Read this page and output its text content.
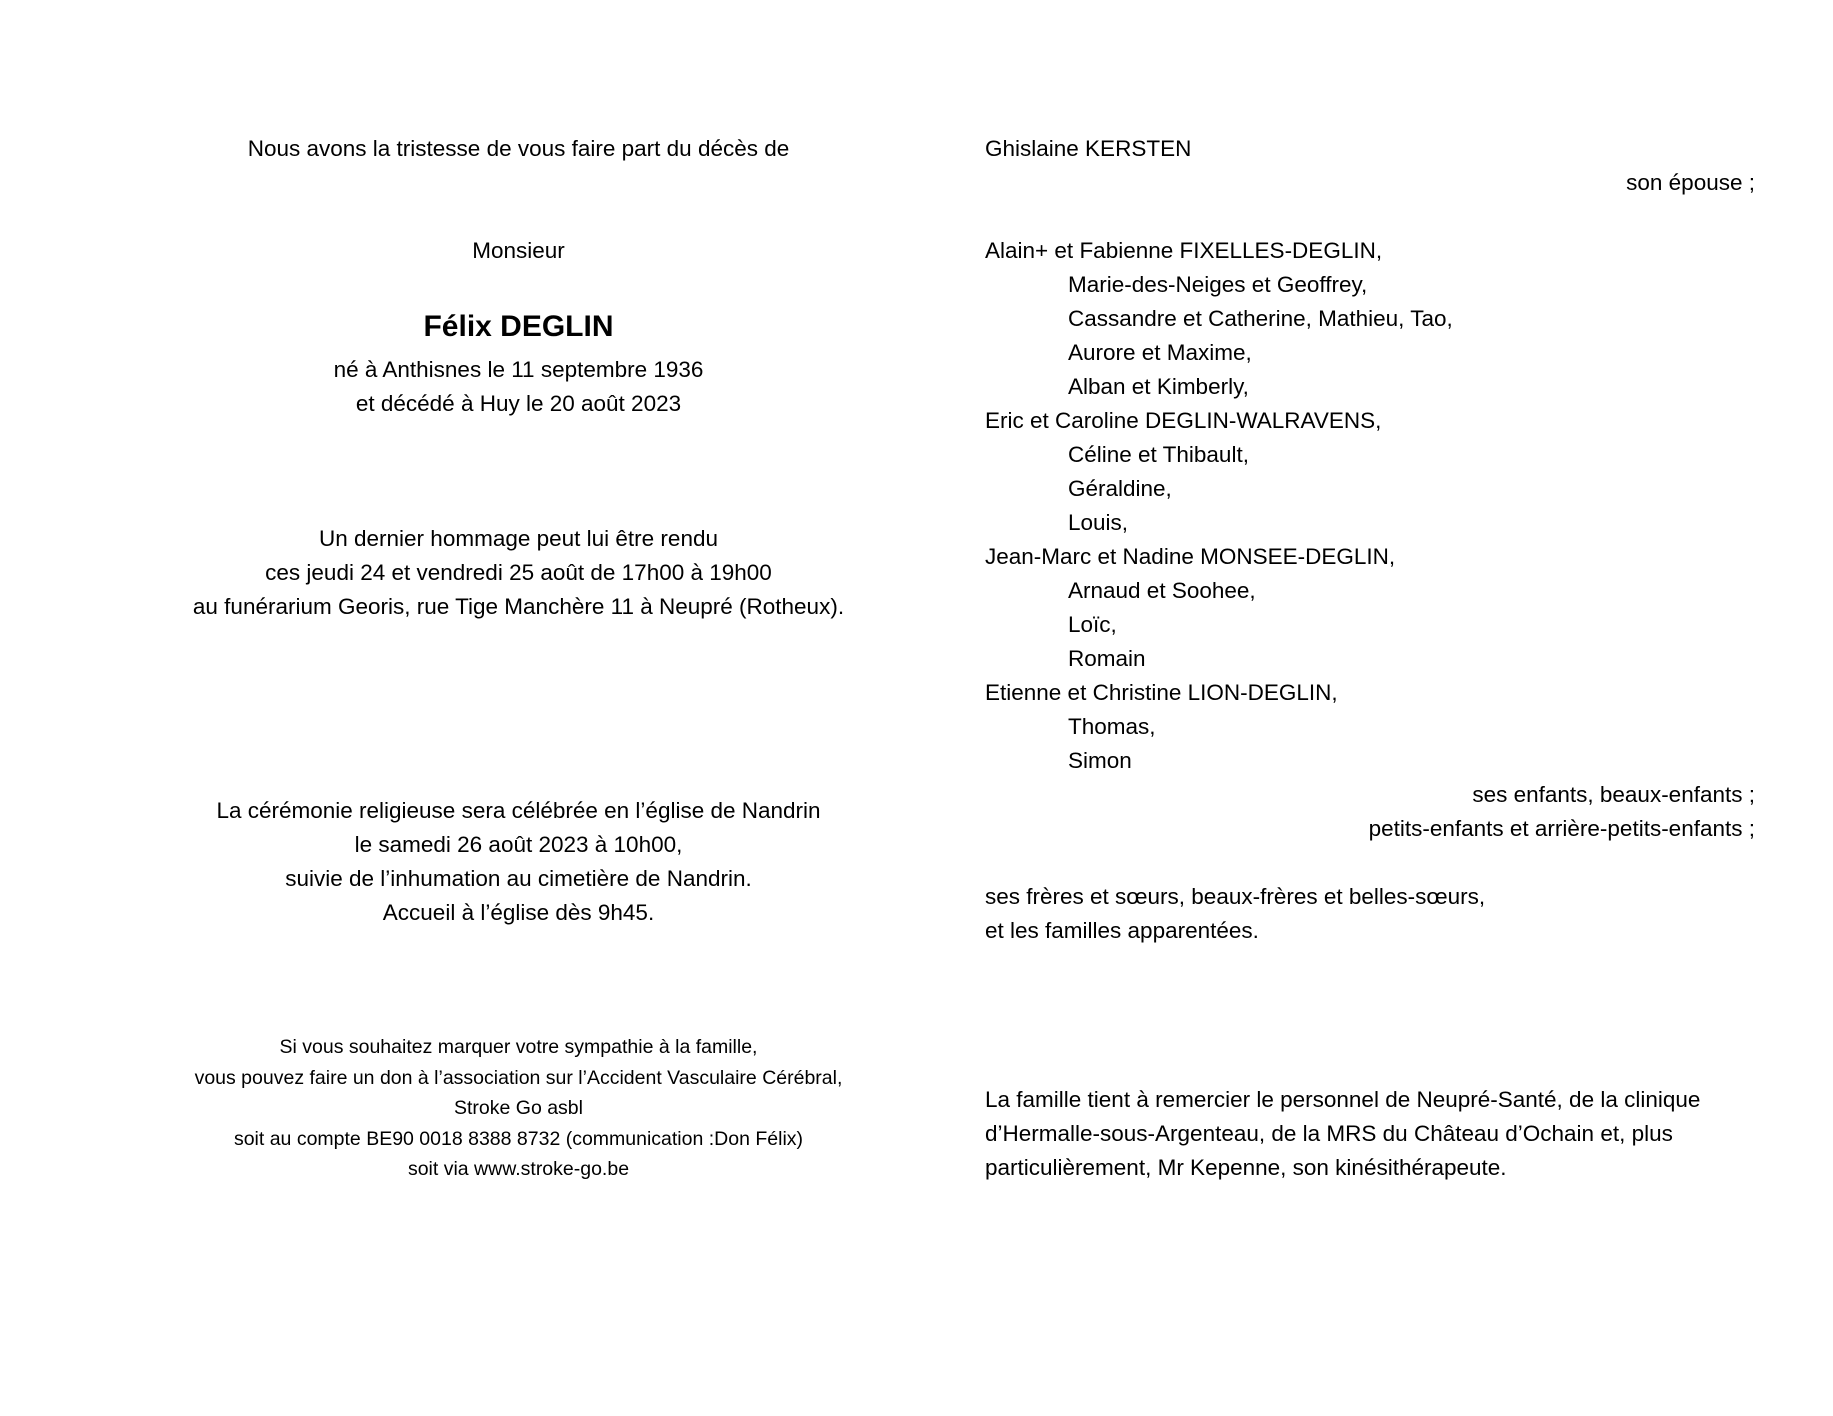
Nous avons la tristesse de vous faire part du décès de
Monsieur
Félix DEGLIN
né à Anthisnes le 11 septembre 1936
et décédé à Huy le 20 août 2023
Un dernier hommage peut lui être rendu
ces jeudi 24 et vendredi 25 août de 17h00 à 19h00
au funérarium Georis, rue Tige Manchère 11 à Neupré (Rotheux).
La cérémonie religieuse sera célébrée en l’église de Nandrin
le samedi 26 août 2023 à 10h00,
suivie de l’inhumation au cimetière de Nandrin.
Accueil à l’église dès 9h45.
Si vous souhaitez marquer votre sympathie à la famille,
vous pouvez faire un don à l’association sur l’Accident Vasculaire Cérébral,
Stroke Go asbl
soit au compte BE90 0018 8388 8732 (communication :Don Félix)
soit via www.stroke-go.be
Ghislaine KERSTEN
son épouse ;
Alain+ et Fabienne FIXELLES-DEGLIN,
Marie-des-Neiges et Geoffrey,
Cassandre et Catherine, Mathieu, Tao,
Aurore et Maxime,
Alban et Kimberly,
Eric et Caroline DEGLIN-WALRAVENS,
Céline et Thibault,
Géraldine,
Louis,
Jean-Marc et Nadine MONSEE-DEGLIN,
Arnaud et Soohee,
Loïc,
Romain
Etienne et Christine LION-DEGLIN,
Thomas,
Simon
ses enfants, beaux-enfants ;
petits-enfants et arrière-petits-enfants ;
ses frères et sœurs, beaux-frères et belles-sœurs,
et les familles apparentées.
La famille tient à remercier le personnel de Neupré-Santé, de la clinique
d’Hermalle-sous-Argenteau, de la MRS du Château d’Ochain et, plus
particulièrement, Mr Kepenne, son kinésithérapeute.
